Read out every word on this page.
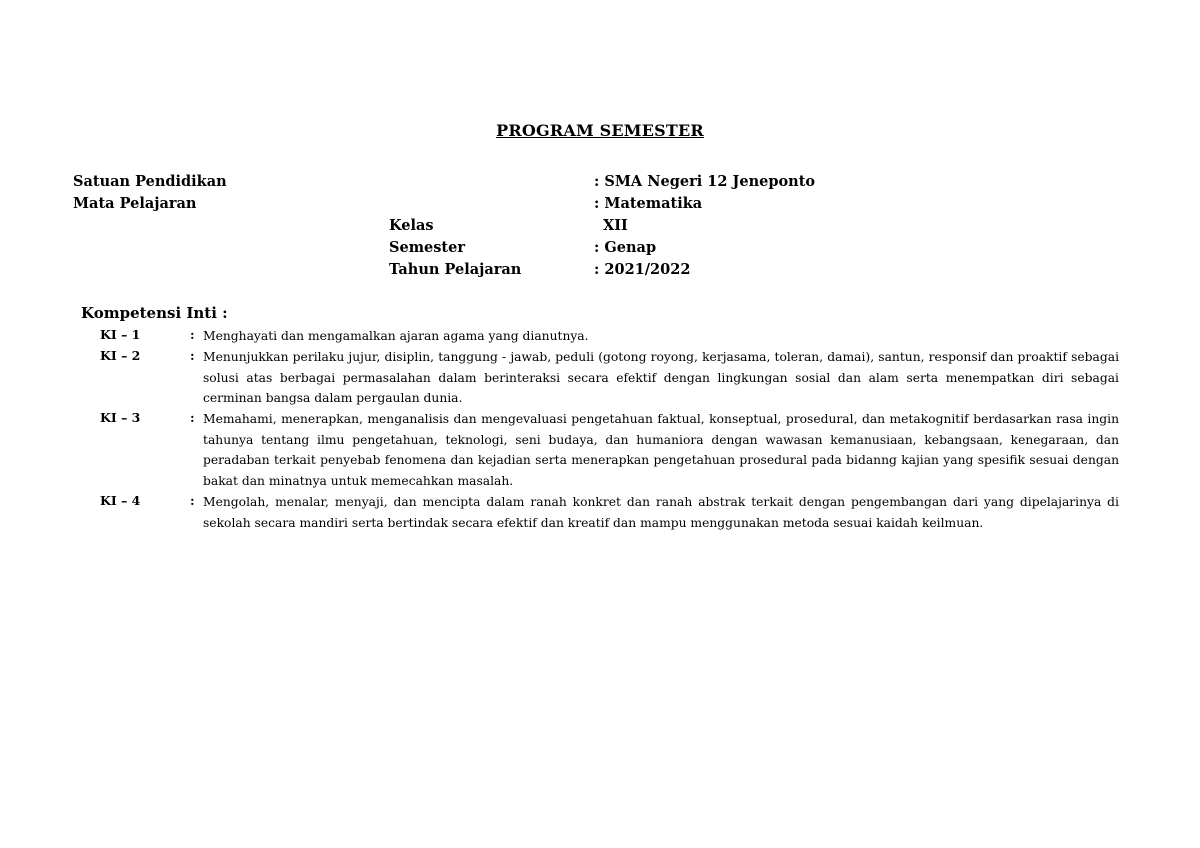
PROGRAM SEMESTER
Satuan Pendidikan	: SMA Negeri 12 Jeneponto
Mata Pelajaran	: Matematika
Kelas	XII
Semester	: Genap
Tahun Pelajaran	: 2021/2022
Kompetensi Inti :
KI – 1	: Menghayati dan mengamalkan ajaran agama yang dianutnya.
KI – 2	: Menunjukkan perilaku jujur, disiplin, tanggung - jawab, peduli (gotong royong, kerjasama, toleran, damai), santun, responsif dan proaktif sebagai solusi atas berbagai permasalahan dalam berinteraksi secara efektif dengan lingkungan sosial dan alam serta menempatkan diri sebagai cerminan bangsa dalam pergaulan dunia.
KI – 3	: Memahami, menerapkan, menganalisis dan mengevaluasi pengetahuan faktual, konseptual, prosedural, dan metakognitif berdasarkan rasa ingin tahunya tentang ilmu pengetahuan, teknologi, seni budaya, dan humaniora dengan wawasan kemanusiaan, kebangsaan, kenegaraan, dan peradaban terkait penyebab fenomena dan kejadian serta menerapkan pengetahuan prosedural pada bidanng kajian yang spesifik sesuai dengan bakat dan minatnya untuk memecahkan masalah.
KI – 4	: Mengolah, menalar, menyaji, dan mencipta dalam ranah konkret dan ranah abstrak terkait dengan pengembangan dari yang dipelajarinya di sekolah secara mandiri serta bertindak secara efektif dan kreatif dan mampu menggunakan metoda sesuai kaidah keilmuan.
